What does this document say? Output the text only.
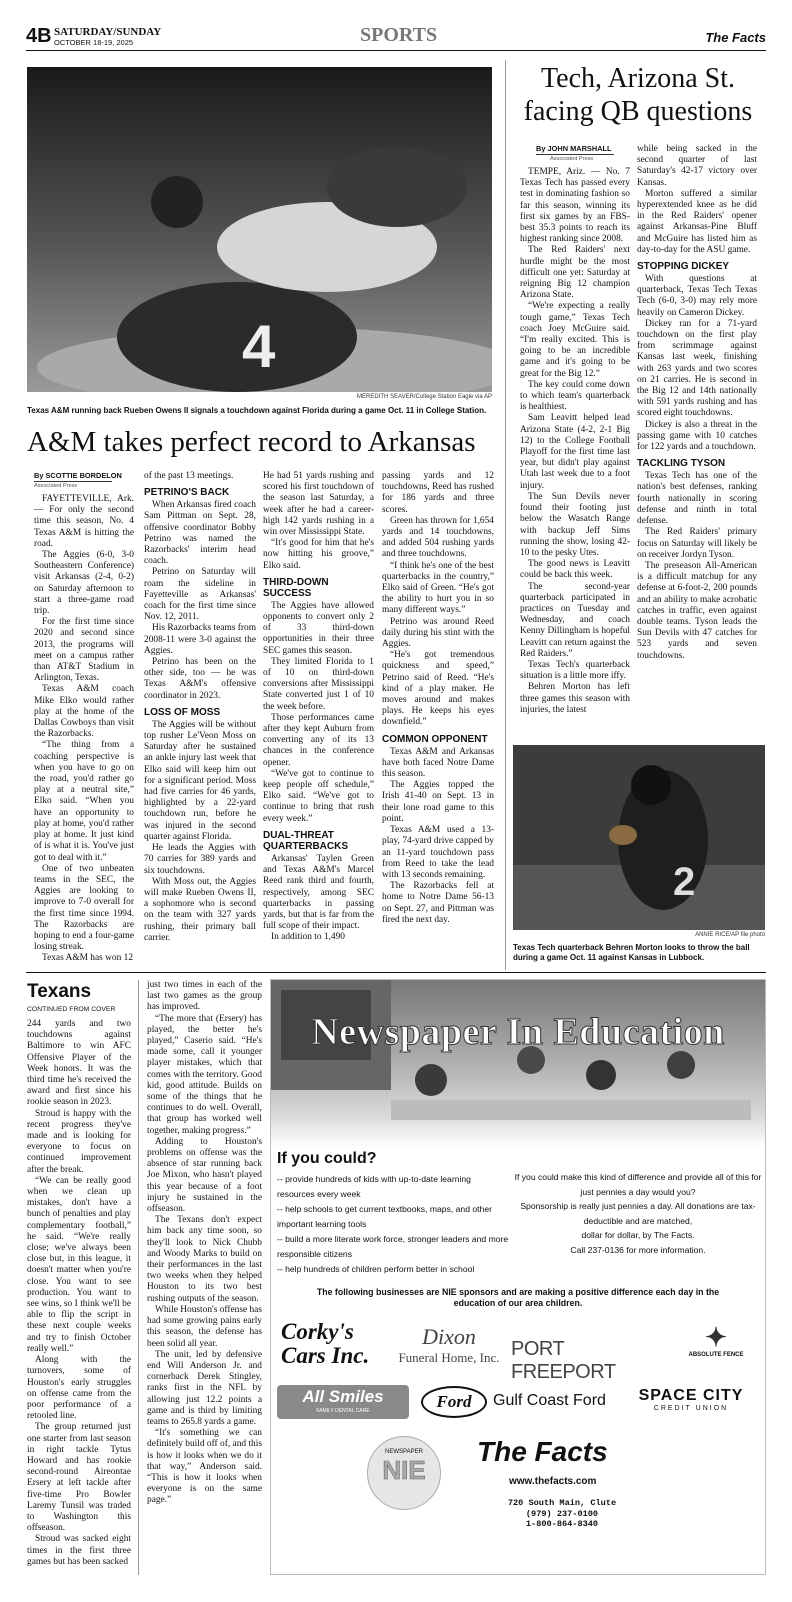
4B SATURDAY/SUNDAY
OCTOBER 18-19, 2025	SPORTS	The Facts
4
MEREDITH SEAVER/College Station Eagle via AP
Texas A&M running back Rueben Owens II signals a touchdown against Florida during a game Oct. 11 in College Station.
A&M takes perfect record to Arkansas
By SCOTTIE BORDELON
Associated Press

FAYETTEVILLE, Ark. — For only the second time this season, No. 4 Texas A&M is hitting the road.

The Aggies (6-0, 3-0 Southeastern Conference) visit Arkansas (2-4, 0-2) on Saturday afternoon to start a three-game road trip.

For the first time since 2020 and second since 2013, the programs will meet on a campus rather than AT&T Stadium in Arlington, Texas.

Texas A&M coach Mike Elko would rather play at the home of the Dallas Cowboys than visit the Razorbacks.

“The thing from a coaching perspective is when you have to go on the road, you'd rather go play at a neutral site,” Elko said. “When you have an opportunity to play at home, you'd rather play at home. It just kind of is what it is. You've just got to deal with it.”

One of two unbeaten teams in the SEC, the Aggies are looking to improve to 7-0 overall for the first time since 1994. The Razorbacks are hoping to end a four-game losing streak.

Texas A&M has won 12

of the past 13 meetings.

PETRINO'S BACK

When Arkansas fired coach Sam Pittman on Sept. 28, offensive coordinator Bobby Petrino was named the Razorbacks' interim head coach.

Petrino on Saturday will roam the sideline in Fayetteville as Arkansas' coach for the first time since Nov. 12, 2011.

His Razorbacks teams from 2008-11 were 3-0 against the Aggies.

Petrino has been on the other side, too — he was Texas A&M's offensive coordinator in 2023.

LOSS OF MOSS

The Aggies will be without top rusher Le'Veon Moss on Saturday after he sustained an ankle injury last week that Elko said will keep him out for a significant period. Moss had five carries for 46 yards, highlighted by a 22-yard touchdown run, before he was injured in the second quarter against Florida.

He leads the Aggies with 70 carries for 389 yards and six touchdowns.

With Moss out, the Aggies will make Rueben Owens II, a sophomore who is second on the team with 327 yards rushing, their primary ball carrier.

He had 51 yards rushing and scored his first touchdown of the season last Saturday, a week after he had a career-high 142 yards rushing in a win over Mississippi State.

“It's good for him that he's now hitting his groove,” Elko said.

THIRD-DOWN SUCCESS

The Aggies have allowed opponents to convert only 2 of 33 third-down opportunities in their three SEC games this season.

They limited Florida to 1 of 10 on third-down conversions after Mississippi State converted just 1 of 10 the week before.

Those performances came after they kept Auburn from converting any of its 13 chances in the conference opener.

“We've got to continue to keep people off schedule,” Elko said. “We've got to continue to bring that rush every week.”

DUAL-THREAT QUARTERBACKS

Arkansas' Taylen Green and Texas A&M's Marcel Reed rank third and fourth, respectively, among SEC quarterbacks in passing yards, but that is far from the full scope of their impact.

In addition to 1,490

passing yards and 12 touchdowns, Reed has rushed for 186 yards and three scores.

Green has thrown for 1,654 yards and 14 touchdowns, and added 504 rushing yards and three touchdowns.

“I think he's one of the best quarterbacks in the country,” Elko said of Green. “He's got the ability to hurt you in so many different ways.”

Petrino was around Reed daily during his stint with the Aggies.

“He's got tremendous quickness and speed,” Petrino said of Reed. “He's kind of a play maker. He moves around and makes plays. He keeps his eyes downfield.”

COMMON OPPONENT

Texas A&M and Arkansas have both faced Notre Dame this season.

The Aggies topped the Irish 41-40 on Sept. 13 in their lone road game to this point.

Texas A&M used a 13-play, 74-yard drive capped by an 11-yard touchdown pass from Reed to take the lead with 13 seconds remaining.

The Razorbacks fell at home to Notre Dame 56-13 on Sept. 27, and Pittman was fired the next day.

Tech, Arizona St.
facing QB questions
By JOHN MARSHALL
Associated Press

TEMPE, Ariz. — No. 7 Texas Tech has passed every test in dominating fashion so far this season, winning its first six games by an FBS-best 35.3 points to reach its highest ranking since 2008.

The Red Raiders' next hurdle might be the most difficult one yet: Saturday at reigning Big 12 champion Arizona State.

“We're expecting a really tough game,” Texas Tech coach Joey McGuire said. “I'm really excited. This is going to be an incredible game and it's going to be great for the Big 12.”

The key could come down to which team's quarterback is healthiest.

Sam Leavitt helped lead Arizona State (4-2, 2-1 Big 12) to the College Football Playoff for the first time last year, but didn't play against Utah last week due to a foot injury.

The Sun Devils never found their footing just below the Wasatch Range with backup Jeff Sims running the show, losing 42-10 to the pesky Utes.

The good news is Leavitt could be back this week.

The second-year quarterback participated in practices on Tuesday and Wednesday, and coach Kenny Dillingham is hopeful Leavitt can return against the Red Raiders.”

Texas Tech's quarterback situation is a little more iffy.

Behren Morton has left three games this season with injuries, the latest

while being sacked in the second quarter of last Saturday's 42-17 victory over Kansas.

Morton suffered a similar hyperextended knee as he did in the Red Raiders' opener against Arkansas-Pine Bluff and McGuire has listed him as day-to-day for the ASU game.

STOPPING DICKEY

With questions at quarterback, Texas Tech Texas Tech (6-0, 3-0) may rely more heavily on Cameron Dickey.

Dickey ran for a 71-yard touchdown on the first play from scrimmage against Kansas last week, finishing with 263 yards and two scores on 21 carries. He is second in the Big 12 and 14th nationally with 591 yards rushing and has scored eight touchdowns.

Dickey is also a threat in the passing game with 10 catches for 122 yards and a touchdown.

TACKLING TYSON

Texas Tech has one of the nation's best defenses, ranking fourth nationally in scoring defense and ninth in total defense.

The Red Raiders' primary focus on Saturday will likely be on receiver Jordyn Tyson.

The preseason All-American is a difficult matchup for any defense at 6-foot-2, 200 pounds and an ability to make acrobatic catches in traffic, even against double teams. Tyson leads the Sun Devils with 47 catches for 523 yards and seven touchdowns.

2
ANNIE RICE/AP file photo
Texas Tech quarterback Behren Morton looks to throw the ball during a game Oct. 11 against Kansas in Lubbock.
Texans
CONTINUED FROM COVER

244 yards and two touchdowns against Baltimore to win AFC Offensive Player of the Week honors. It was the third time he's received the award and first since his rookie season in 2023.

Stroud is happy with the recent progress they've made and is looking for everyone to focus on continued improvement after the break.

“We can be really good when we clean up mistakes, don't have a bunch of penalties and play complementary football,” he said. “We're really close; we've always been close but, in this league, it doesn't matter when you're close. You want to see production. You want to see wins, so I think we'll be able to flip the script in these next couple weeks and try to finish October really well.”

Along with the turnovers, some of Houston's early struggles on offense came from the poor performance of a retooled line.

The group returned just one starter from last season in right tackle Tytus Howard and has rookie second-round Aireontae Ersery at left tackle after five-time Pro Bowler Laremy Tunsil was traded to Washington this offseason.

Stroud was sacked eight times in the first three games but has been sacked

just two times in each of the last two games as the group has improved.

“The more that (Ersery) has played, the better he's played,” Caserio said. “He's made some, call it younger player mistakes, which that comes with the territory. Good kid, good attitude. Builds on some of the things that he continues to do well. Overall, that group has worked well together, making progress.”

Adding to Houston's problems on offense was the absence of star running back Joe Mixon, who hasn't played this year because of a foot injury he sustained in the offseason.

The Texans don't expect him back any time soon, so they'll look to Nick Chubb and Woody Marks to build on their performances in the last two weeks when they helped Houston to its two best rushing outputs of the season.

While Houston's offense has had some growing pains early this season, the defense has been solid all year.

The unit, led by defensive end Will Anderson Jr. and cornerback Derek Stingley, ranks first in the NFL by allowing just 12.2 points a game and is third by limiting teams to 265.8 yards a game.

“It's something we can definitely build off of, and this is how it looks when we do it that way,” Anderson said. “This is how it looks when everyone is on the same page.”

Newspaper In Education
If you could?
-- provide hundreds of kids with up-to-date learning resources every week
-- help schools to get current textbooks, maps, and other important learning tools
-- build a more literate work force, stronger leaders and more responsible citizens
-- help hundreds of children perform better in school
If you could make this kind of difference and provide all of this for just pennies a day would you?
Sponsorship is really just pennies a day. All donations are tax-deductible and are matched,
dollar for dollar, by The Facts.
Call 237-0136 for more information.
The following businesses are NIE sponsors and are making a positive difference each day in the education of our area children.
Corky's
Cars Inc.
Dixon
Funeral Home, Inc. PORT FREEPORT
✦
ABSOLUTE FENCE
All Smiles
FAMILY DENTAL CARE	Ford Gulf Coast Ford	SPACE CITY
CREDIT UNION
NEWSPAPER
NIE
The Facts
www.thefacts.com
720 South Main, Clute
(979) 237-0100
1-800-864-8340
